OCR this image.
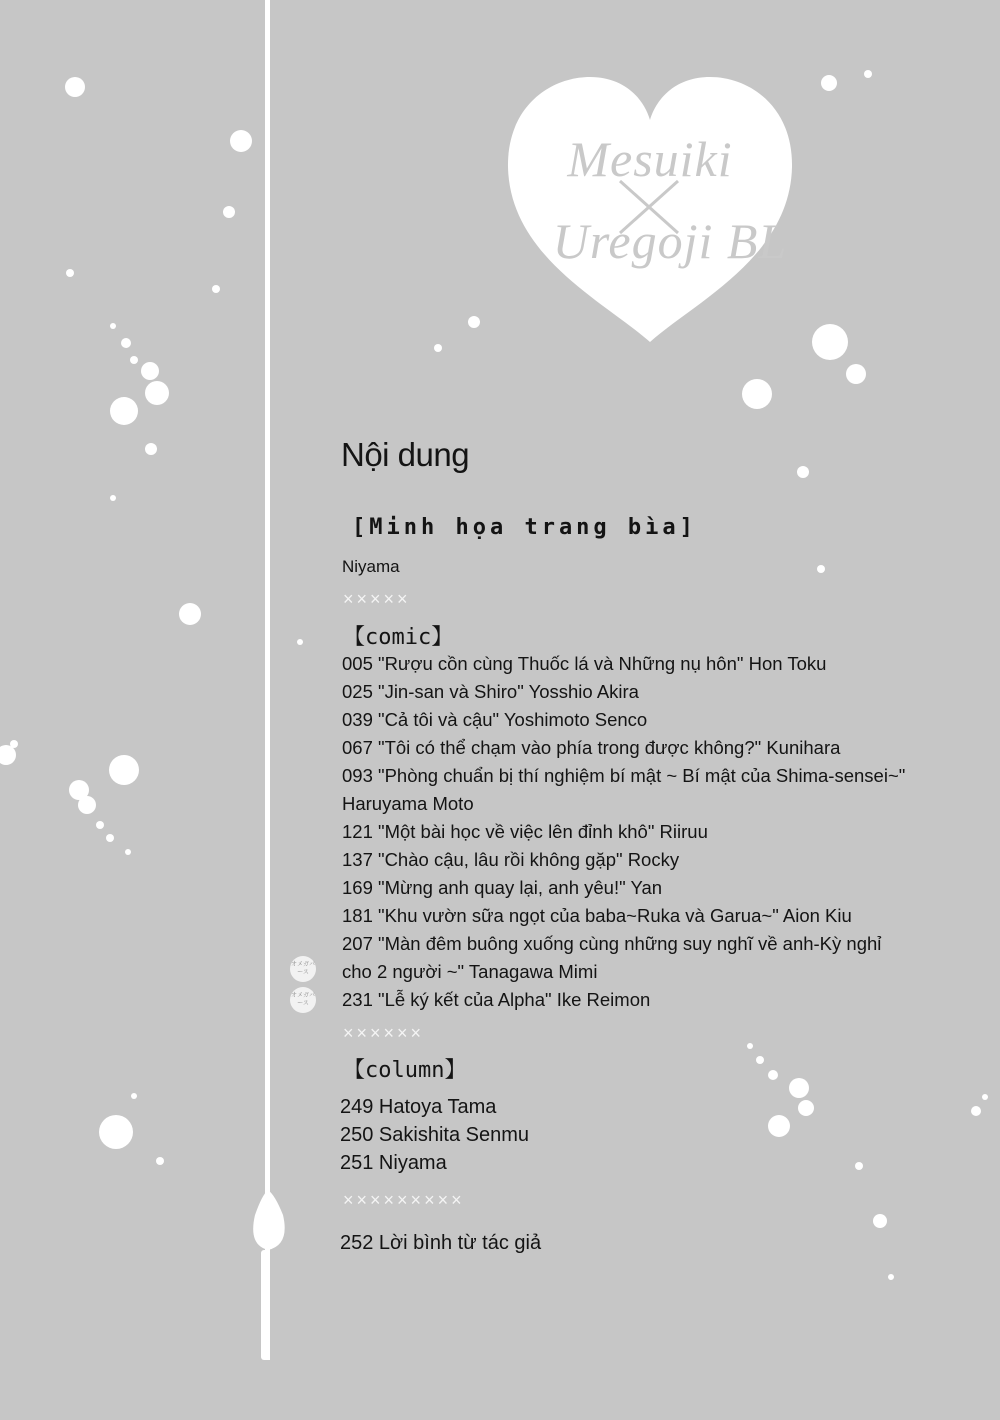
Mesuiki
Uregoji BL
Nội dung
[Minh họa trang bìa]
Niyama
×××××
【comic】
005 "Rượu cồn cùng Thuốc lá và Những nụ hôn" Hon Toku
025 "Jin-san và Shiro" Yosshio Akira
039 "Cả tôi và cậu" Yoshimoto Senco
067 "Tôi có thể chạm vào phía trong được không?" Kunihara
093 "Phòng chuẩn bị thí nghiệm bí mật ~ Bí mật của Shima-sensei~"
Haruyama Moto
121 "Một bài học về việc lên đỉnh khô" Riiruu
137 "Chào cậu, lâu rồi không gặp" Rocky
169 "Mừng anh quay lại, anh yêu!" Yan
181 "Khu vườn sữa ngọt của baba~Ruka và Garua~" Aion Kiu
207 "Màn đêm buông xuống cùng những suy nghĩ về anh-Kỳ nghỉ
cho 2 người ~" Tanagawa Mimi
231 "Lễ ký kết của Alpha" Ike Reimon
オメガバース
オメガバース
××××××
【column】
249 Hatoya Tama
250 Sakishita Senmu
251 Niyama
×××××××××
252 Lời bình từ tác giả
